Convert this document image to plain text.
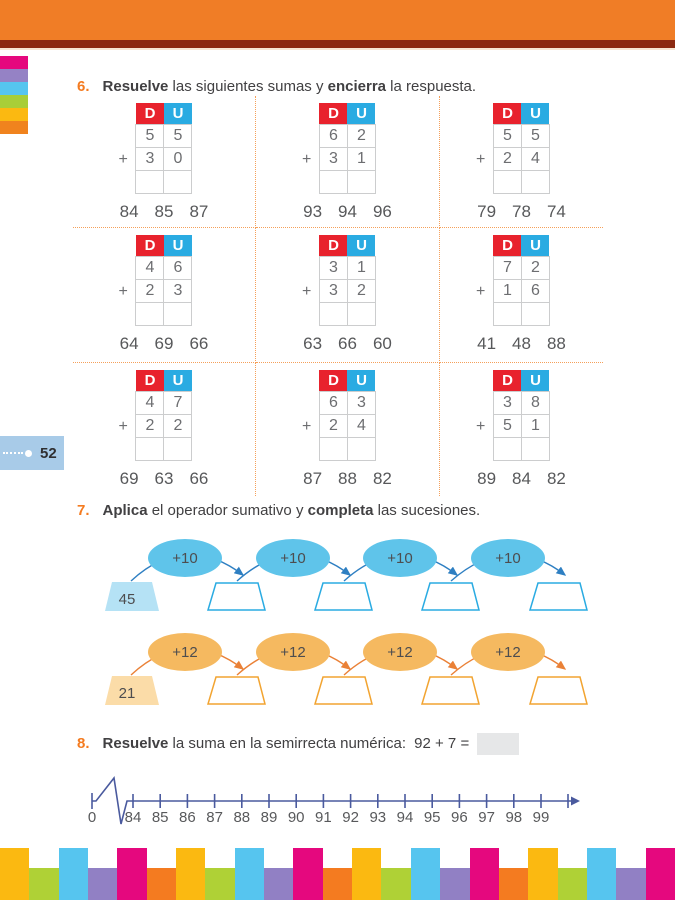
6. Resuelve las siguientes sumas y encierra la respuesta.
+
D	U
5	5
3	0

84 85 87
+
D	U
6	2
3	1

93 94 96
+
D	U
5	5
2	4

79 78 74
+
D	U
4	6
2	3

64 69 66
+
D	U
3	1
3	2

63 66 60
+
D	U
7	2
1	6

41 48 88
+
D	U
4	7
2	2

69 63 66
+
D	U
6	3
2	4

87 88 82
+
D	U
3	8
5	1

89 84 82
52
7. Aplica el operador sumativo y completa las sucesiones.
8. Resuelve la suma en la semirrecta numérica: 92 + 7 =
+10	+10	+10	+10
45
+12	+12	+12	+12
21
0 84 85 86 87 88 89 90 91 92 93 94 95 96 97 98 99
